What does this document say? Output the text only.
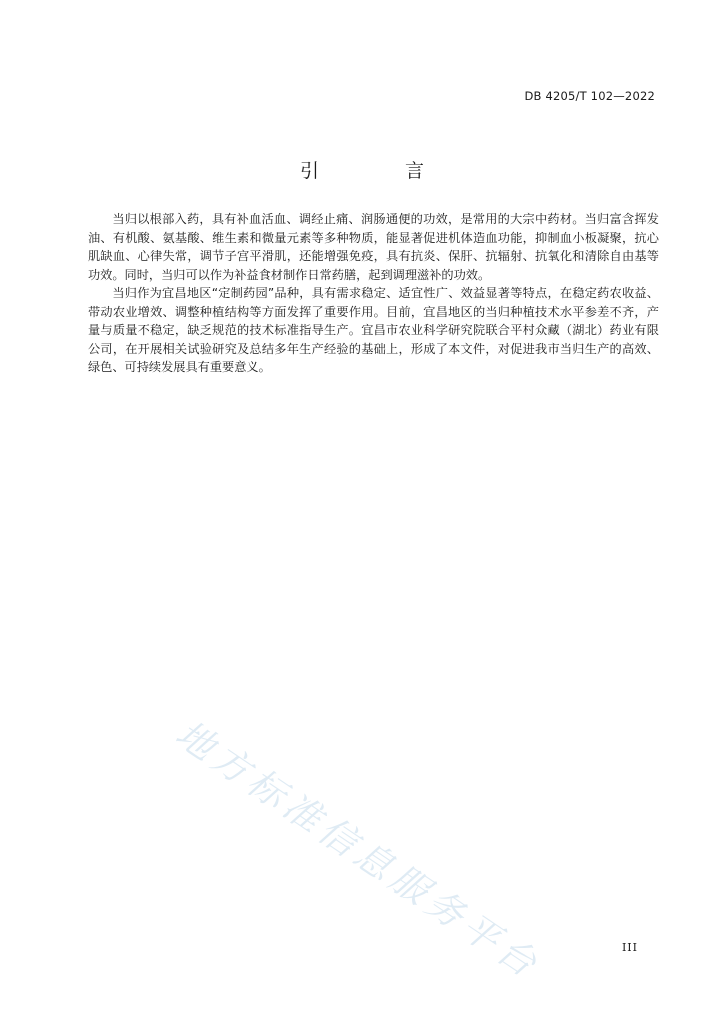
DB 4205/T 102—2022
引 言

当归以根部入药，具有补血活血、调经止痛、润肠通便的功效，是常用的大宗中药材。当归富含挥发油、有机酸、氨基酸、维生素和微量元素等多种物质，能显著促进机体造血功能，抑制血小板凝聚，抗心肌缺血、心律失常，调节子宫平滑肌，还能增强免疫，具有抗炎、保肝、抗辐射、抗氧化和清除自由基等功效。同时，当归可以作为补益食材制作日常药膳，起到调理滋补的功效。

当归作为宜昌地区“定制药园”品种，具有需求稳定、适宜性广、效益显著等特点，在稳定药农收益、带动农业增效、调整种植结构等方面发挥了重要作用。目前，宜昌地区的当归种植技术水平参差不齐，产量与质量不稳定，缺乏规范的技术标准指导生产。宜昌市农业科学研究院联合平村众藏（湖北）药业有限公司，在开展相关试验研究及总结多年生产经验的基础上，形成了本文件，对促进我市当归生产的高效、绿色、可持续发展具有重要意义。

地方标准信息服务平台	III
